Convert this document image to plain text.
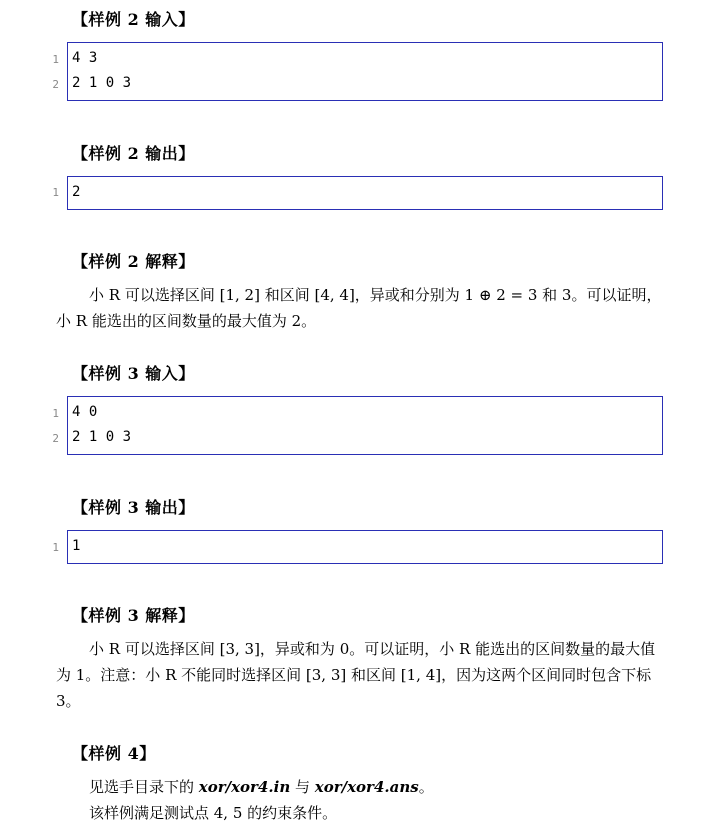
【样例 2 输入】
1
2
4 3
2 1 0 3
【样例 2 输出】
1 2
【样例 2 解释】

小 R 可以选择区间 [1, 2] 和区间 [4, 4]，异或和分别为 1 ⊕ 2 = 3 和 3。可以证明，小 R 能选出的区间数量的最大值为 2。

【样例 3 输入】
1
2
4 0
2 1 0 3
【样例 3 输出】
1 1
【样例 3 解释】

小 R 可以选择区间 [3, 3]，异或和为 0。可以证明，小 R 能选出的区间数量的最大值为 1。注意：小 R 不能同时选择区间 [3, 3] 和区间 [1, 4]，因为这两个区间同时包含下标 3。

【样例 4】

见选手目录下的 xor/xor4.in 与 xor/xor4.ans。

该样例满足测试点 4, 5 的约束条件。
